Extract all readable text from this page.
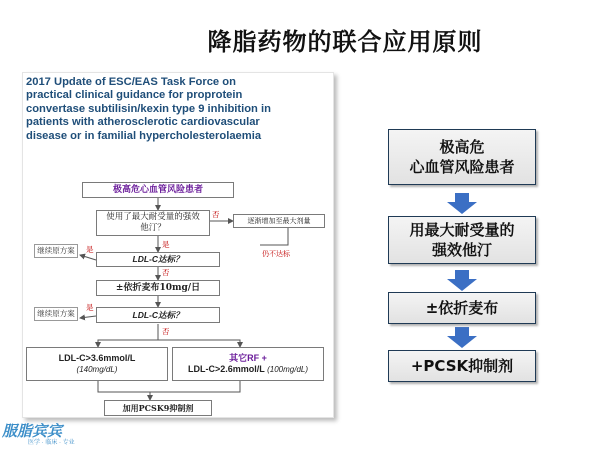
降脂药物的联合应用原则
2017 Update of ESC/EAS Task Force on
practical clinical guidance for proprotein
convertase subtilisin/kexin type 9 inhibition in
patients with atherosclerotic cardiovascular
disease or in familial hypercholesterolaemia
极高危心血管风险患者
使用了最大耐受量的强效他汀？
否
逐渐增加至最大剂量
是
仍不达标
LDL-C达标？
是
继续原方案
否
±依折麦布10mg/日
LDL-C达标？
是
继续原方案
否
LDL-C>3.6mmol/L
(140mg/dL)
其它RF +
LDL-C>2.6mmol/L (100mg/dL)
加用PCSK9抑制剂
极高危
心血管风险患者
用最大耐受量的
强效他汀
±依折麦布
+PCSK抑制剂
服脂宾宾
医学 · 临床 · 专业
